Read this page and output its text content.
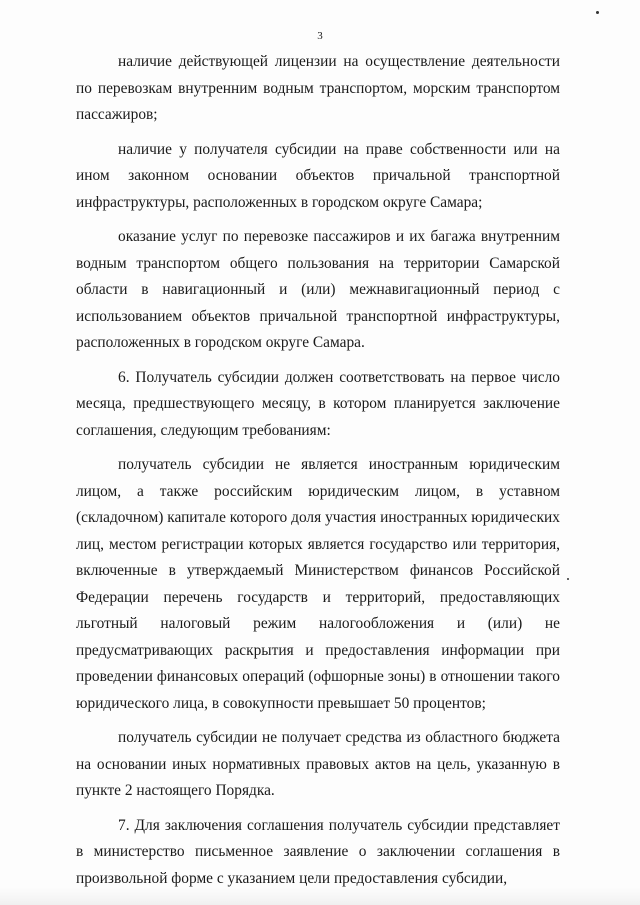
3

наличие действующей лицензии на осуществление деятельности по перевозкам внутренним водным транспортом, морским транспортом пассажиров;

наличие у получателя субсидии на праве собственности или на ином законном основании объектов причальной транспортной инфраструктуры, расположенных в городском округе Самара;

оказание услуг по перевозке пассажиров и их багажа внутренним водным транспортом общего пользования на территории Самарской области в навигационный и (или) межнавигационный период с использованием объектов причальной транспортной инфраструктуры, расположенных в городском округе Самара.

6. Получатель субсидии должен соответствовать на первое число месяца, предшествующего месяцу, в котором планируется заключение соглашения, следующим требованиям:

получатель субсидии не является иностранным юридическим лицом, а также российским юридическим лицом, в уставном (складочном) капитале которого доля участия иностранных юридических лиц, местом регистрации которых является государство или территория, включенные в утверждаемый Министерством финансов Российской Федерации перечень государств и территорий, предоставляющих льготный налоговый режим налогообложения и (или) не предусматривающих раскрытия и предоставления информации при проведении финансовых операций (офшорные зоны) в отношении такого юридического лица, в совокупности превышает 50 процентов;

получатель субсидии не получает средства из областного бюджета на основании иных нормативных правовых актов на цель, указанную в пункте 2 настоящего Порядка.

7. Для заключения соглашения получатель субсидии представляет в министерство письменное заявление о заключении соглашения в произвольной форме с указанием цели предоставления субсидии,
